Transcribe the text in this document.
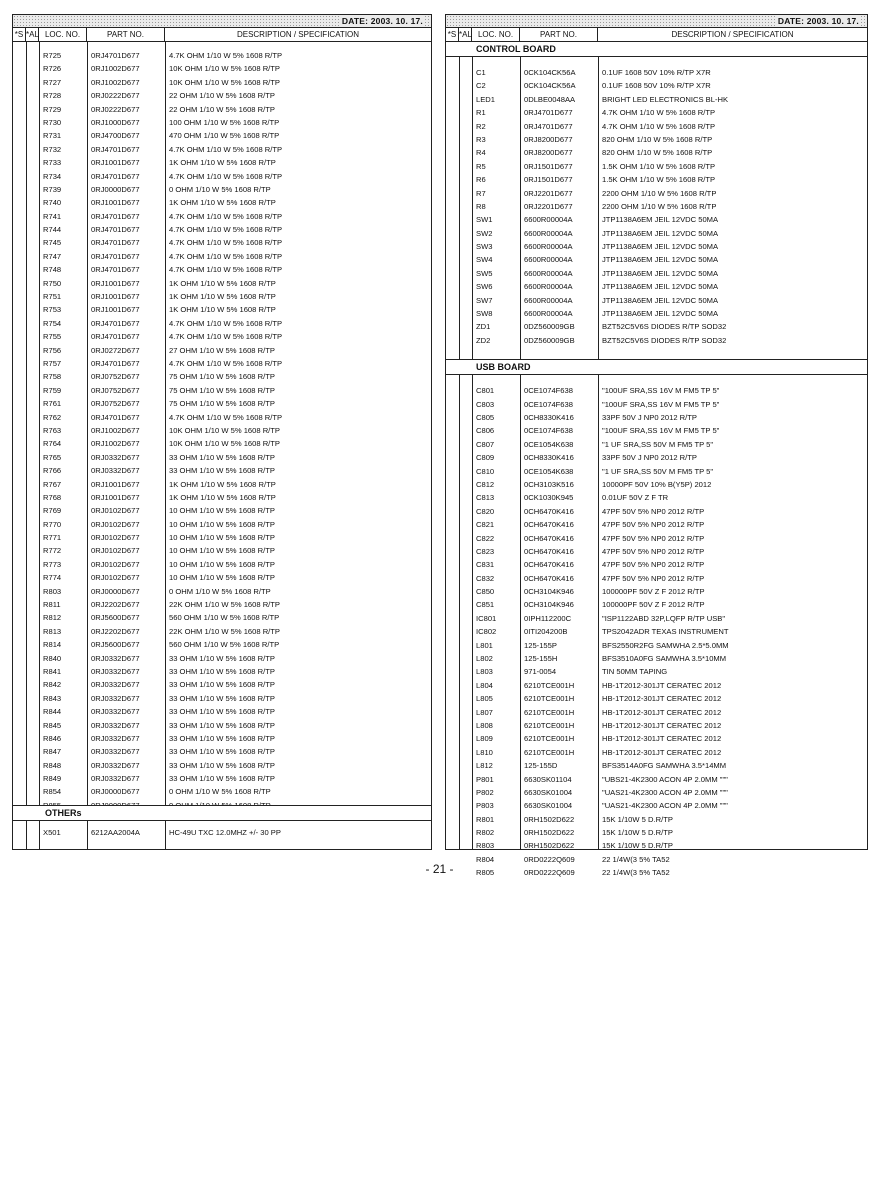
DATE: 2003. 10. 17.
*S *AL LOC. NO.	PART NO.	DESCRIPTION / SPECIFICATION
R725	0RJ4701D677	4.7K OHM 1/10 W 5% 1608 R/TP
R726	0RJ1002D677	10K OHM 1/10 W 5% 1608 R/TP
R727	0RJ1002D677	10K OHM 1/10 W 5% 1608 R/TP
R728	0RJ0222D677	22 OHM 1/10 W 5% 1608 R/TP
R729	0RJ0222D677	22 OHM 1/10 W 5% 1608 R/TP
R730	0RJ1000D677	100 OHM 1/10 W 5% 1608 R/TP
R731	0RJ4700D677	470 OHM 1/10 W 5% 1608 R/TP
R732	0RJ4701D677	4.7K OHM 1/10 W 5% 1608 R/TP
R733	0RJ1001D677	1K OHM 1/10 W 5% 1608 R/TP
R734	0RJ4701D677	4.7K OHM 1/10 W 5% 1608 R/TP
R739	0RJ0000D677	0 OHM 1/10 W 5% 1608 R/TP
R740	0RJ1001D677	1K OHM 1/10 W 5% 1608 R/TP
R741	0RJ4701D677	4.7K OHM 1/10 W 5% 1608 R/TP
R744	0RJ4701D677	4.7K OHM 1/10 W 5% 1608 R/TP
R745	0RJ4701D677	4.7K OHM 1/10 W 5% 1608 R/TP
R747	0RJ4701D677	4.7K OHM 1/10 W 5% 1608 R/TP
R748	0RJ4701D677	4.7K OHM 1/10 W 5% 1608 R/TP
R750	0RJ1001D677	1K OHM 1/10 W 5% 1608 R/TP
R751	0RJ1001D677	1K OHM 1/10 W 5% 1608 R/TP
R753	0RJ1001D677	1K OHM 1/10 W 5% 1608 R/TP
R754	0RJ4701D677	4.7K OHM 1/10 W 5% 1608 R/TP
R755	0RJ4701D677	4.7K OHM 1/10 W 5% 1608 R/TP
R756	0RJ0272D677	27 OHM 1/10 W 5% 1608 R/TP
R757	0RJ4701D677	4.7K OHM 1/10 W 5% 1608 R/TP
R758	0RJ0752D677	75 OHM 1/10 W 5% 1608 R/TP
R759	0RJ0752D677	75 OHM 1/10 W 5% 1608 R/TP
R761	0RJ0752D677	75 OHM 1/10 W 5% 1608 R/TP
R762	0RJ4701D677	4.7K OHM 1/10 W 5% 1608 R/TP
R763	0RJ1002D677	10K OHM 1/10 W 5% 1608 R/TP
R764	0RJ1002D677	10K OHM 1/10 W 5% 1608 R/TP
R765	0RJ0332D677	33 OHM 1/10 W 5% 1608 R/TP
R766	0RJ0332D677	33 OHM 1/10 W 5% 1608 R/TP
R767	0RJ1001D677	1K OHM 1/10 W 5% 1608 R/TP
R768	0RJ1001D677	1K OHM 1/10 W 5% 1608 R/TP
R769	0RJ0102D677	10 OHM 1/10 W 5% 1608 R/TP
R770	0RJ0102D677	10 OHM 1/10 W 5% 1608 R/TP
R771	0RJ0102D677	10 OHM 1/10 W 5% 1608 R/TP
R772	0RJ0102D677	10 OHM 1/10 W 5% 1608 R/TP
R773	0RJ0102D677	10 OHM 1/10 W 5% 1608 R/TP
R774	0RJ0102D677	10 OHM 1/10 W 5% 1608 R/TP
R803	0RJ0000D677	0 OHM 1/10 W 5% 1608 R/TP
R811	0RJ2202D677	22K OHM 1/10 W 5% 1608 R/TP
R812	0RJ5600D677	560 OHM 1/10 W 5% 1608 R/TP
R813	0RJ2202D677	22K OHM 1/10 W 5% 1608 R/TP
R814	0RJ5600D677	560 OHM 1/10 W 5% 1608 R/TP
R840	0RJ0332D677	33 OHM 1/10 W 5% 1608 R/TP
R841	0RJ0332D677	33 OHM 1/10 W 5% 1608 R/TP
R842	0RJ0332D677	33 OHM 1/10 W 5% 1608 R/TP
R843	0RJ0332D677	33 OHM 1/10 W 5% 1608 R/TP
R844	0RJ0332D677	33 OHM 1/10 W 5% 1608 R/TP
R845	0RJ0332D677	33 OHM 1/10 W 5% 1608 R/TP
R846	0RJ0332D677	33 OHM 1/10 W 5% 1608 R/TP
R847	0RJ0332D677	33 OHM 1/10 W 5% 1608 R/TP
R848	0RJ0332D677	33 OHM 1/10 W 5% 1608 R/TP
R849	0RJ0332D677	33 OHM 1/10 W 5% 1608 R/TP
R854	0RJ0000D677	0 OHM 1/10 W 5% 1608 R/TP
OTHERs
X501	6212AA2004A	HC-49U TXC 12.0MHZ +/- 30 PP
DATE: 2003. 10. 17.
*S *AL LOC. NO.	PART NO.	DESCRIPTION / SPECIFICATION
CONTROL BOARD
C1	0CK104CK56A	0.1UF 1608 50V 10% R/TP X7R
C2	0CK104CK56A	0.1UF 1608 50V 10% R/TP X7R
LED1	0DLBE0048AA	BRIGHT LED ELECTRONICS BL-HK
R1	0RJ4701D677	4.7K OHM 1/10 W 5% 1608 R/TP
R2	0RJ4701D677	4.7K OHM 1/10 W 5% 1608 R/TP
R3	0RJ8200D677	820 OHM 1/10 W 5% 1608 R/TP
R4	0RJ8200D677	820 OHM 1/10 W 5% 1608 R/TP
R5	0RJ1501D677	1.5K OHM 1/10 W 5% 1608 R/TP
R6	0RJ1501D677	1.5K OHM 1/10 W 5% 1608 R/TP
R7	0RJ2201D677	2200 OHM 1/10 W 5% 1608 R/TP
R8	0RJ2201D677	2200 OHM 1/10 W 5% 1608 R/TP
SW1	6600R00004A	JTP1138A6EM JEIL 12VDC 50MA
SW2	6600R00004A	JTP1138A6EM JEIL 12VDC 50MA
SW3	6600R00004A	JTP1138A6EM JEIL 12VDC 50MA
SW4	6600R00004A	JTP1138A6EM JEIL 12VDC 50MA
SW5	6600R00004A	JTP1138A6EM JEIL 12VDC 50MA
SW6	6600R00004A	JTP1138A6EM JEIL 12VDC 50MA
SW7	6600R00004A	JTP1138A6EM JEIL 12VDC 50MA
SW8	6600R00004A	JTP1138A6EM JEIL 12VDC 50MA
ZD1	0DZ560009GB	BZT52C5V6S DIODES R/TP SOD32
ZD2	0DZ560009GB	BZT52C5V6S DIODES R/TP SOD32
USB BOARD
C801	0CE1074F638	"100UF SRA,SS 16V M FM5 TP 5"
C803	0CE1074F638	"100UF SRA,SS 16V M FM5 TP 5"
C805	0CH8330K416	33PF 50V J NP0 2012 R/TP
C806	0CE1074F638	"100UF SRA,SS 16V M FM5 TP 5"
C807	0CE1054K638	"1 UF SRA,SS 50V M FM5 TP 5"
C809	0CH8330K416	33PF 50V J NP0 2012 R/TP
C810	0CE1054K638	"1 UF SRA,SS 50V M FM5 TP 5"
C812	0CH3103K516	10000PF 50V 10% B(Y5P) 2012
C813	0CK1030K945	0.01UF 50V Z F TR
C820	0CH6470K416	47PF 50V 5% NP0 2012 R/TP
C821	0CH6470K416	47PF 50V 5% NP0 2012 R/TP
C822	0CH6470K416	47PF 50V 5% NP0 2012 R/TP
C823	0CH6470K416	47PF 50V 5% NP0 2012 R/TP
C831	0CH6470K416	47PF 50V 5% NP0 2012 R/TP
C832	0CH6470K416	47PF 50V 5% NP0 2012 R/TP
C850	0CH3104K946	100000PF 50V Z F 2012 R/TP
C851	0CH3104K946	100000PF 50V Z F 2012 R/TP
IC801	0IPH112200C	"ISP1122ABD 32P,LQFP R/TP USB"
IC802	0ITI204200B	TPS2042ADR TEXAS INSTRUMENT
L801	125-155P	BFS2550R2FG SAMWHA 2.5*5.0MM
L802	125-155H	BFS3510A0FG SAMWHA 3.5*10MM
L803	971-0054	TIN 50MM TAPING
L804	6210TCE001H	HB-1T2012-301JT CERATEC 2012
L805	6210TCE001H	HB-1T2012-301JT CERATEC 2012
L807	6210TCE001H	HB-1T2012-301JT CERATEC 2012
L808	6210TCE001H	HB-1T2012-301JT CERATEC 2012
L809	6210TCE001H	HB-1T2012-301JT CERATEC 2012
L810	6210TCE001H	HB-1T2012-301JT CERATEC 2012
L812	125-155D	BFS3514A0FG SAMWHA 3.5*14MM
P801	6630SK01104	"UBS21-4K2300 ACON 4P 2.0MM """
P802	6630SK01004	"UAS21-4K2300 ACON 4P 2.0MM """
P803	6630SK01004	"UAS21-4K2300 ACON 4P 2.0MM """
R801	0RH1502D622	15K 1/10W 5 D.R/TP
R802	0RH1502D622	15K 1/10W 5 D.R/TP
R803	0RH1502D622	15K 1/10W 5 D.R/TP
R804	0RD0222Q609	22 1/4W(3 5% TA52
R805	0RD0222Q609	22 1/4W(3 5% TA52
- 21 -
